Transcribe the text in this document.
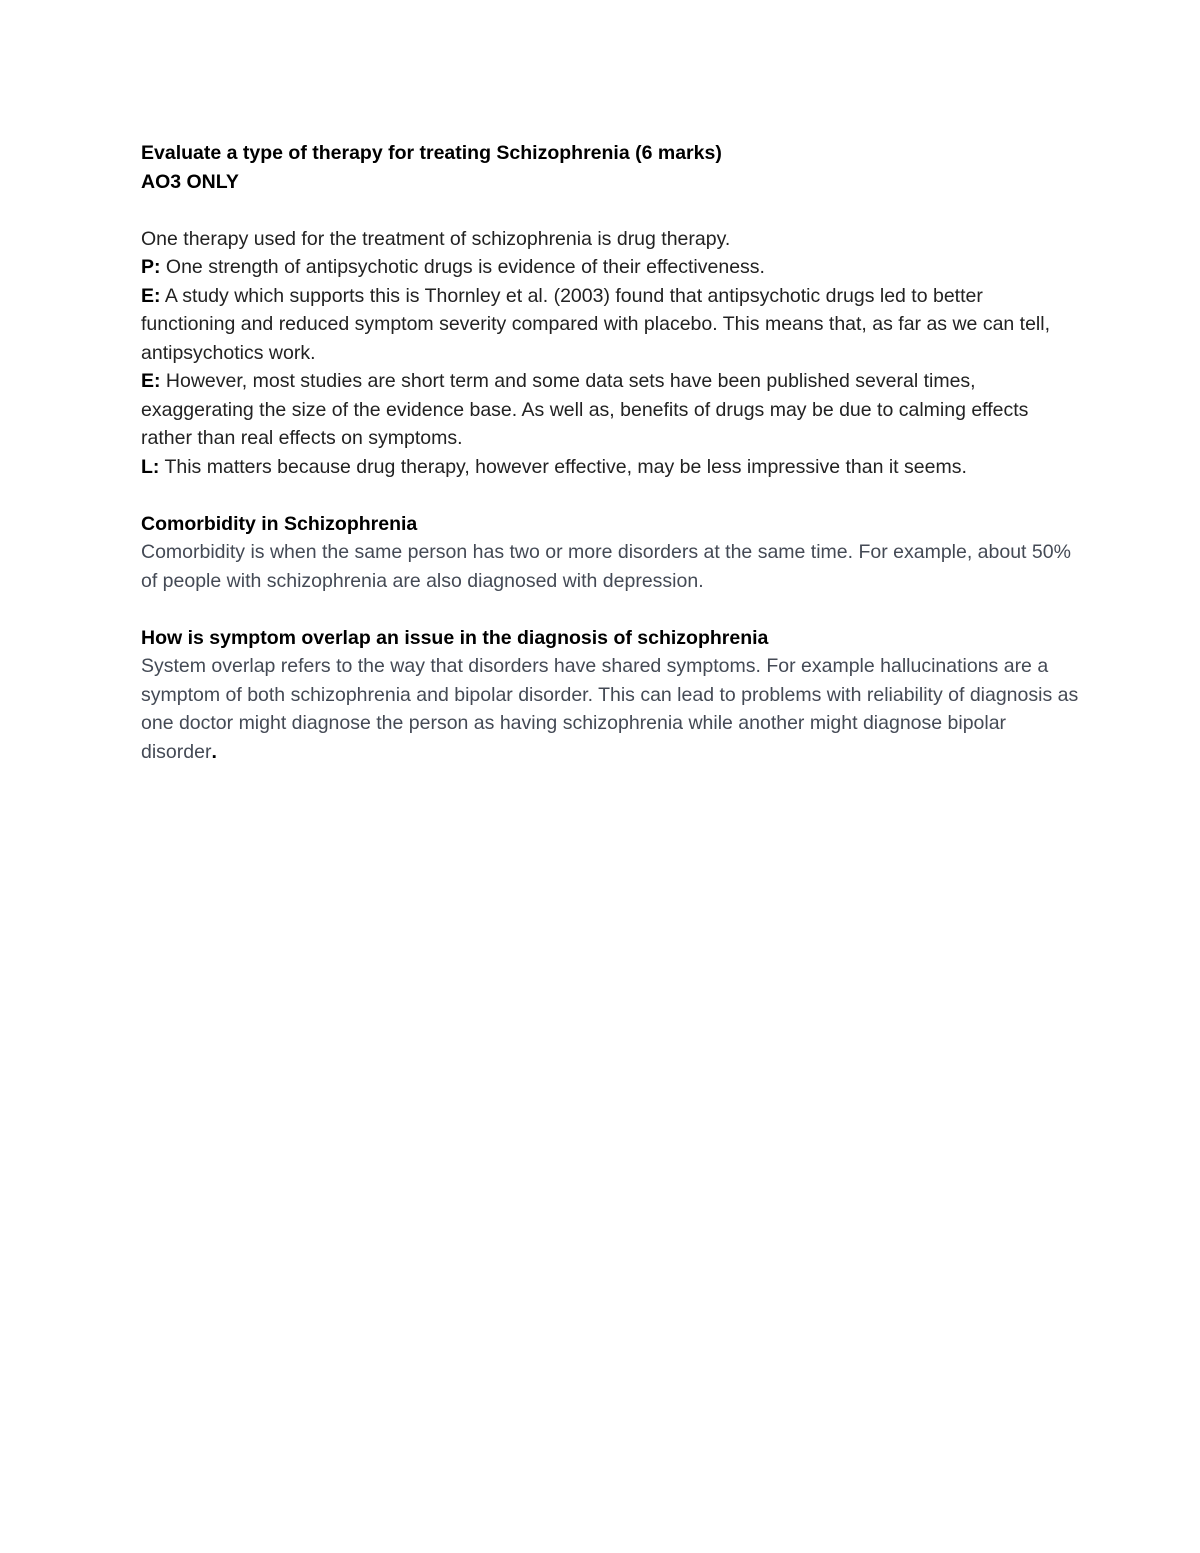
Evaluate a type of therapy for treating Schizophrenia (6 marks)

AO3 ONLY

One therapy used for the treatment of schizophrenia is drug therapy.

P: One strength of antipsychotic drugs is evidence of their effectiveness.

E: A study which supports this is Thornley et al. (2003) found that antipsychotic drugs led to better functioning and reduced symptom severity compared with placebo. This means that, as far as we can tell, antipsychotics work.

E: However, most studies are short term and some data sets have been published several times, exaggerating the size of the evidence base. As well as, benefits of drugs may be due to calming effects rather than real effects on symptoms.

L: This matters because drug therapy, however effective, may be less impressive than it seems.

Comorbidity in Schizophrenia

Comorbidity is when the same person has two or more disorders at the same time. For example, about 50% of people with schizophrenia are also diagnosed with depression.

How is symptom overlap an issue in the diagnosis of schizophrenia

System overlap refers to the way that disorders have shared symptoms. For example hallucinations are a symptom of both schizophrenia and bipolar disorder. This can lead to problems with reliability of diagnosis as one doctor might diagnose the person as having schizophrenia while another might diagnose bipolar disorder.
